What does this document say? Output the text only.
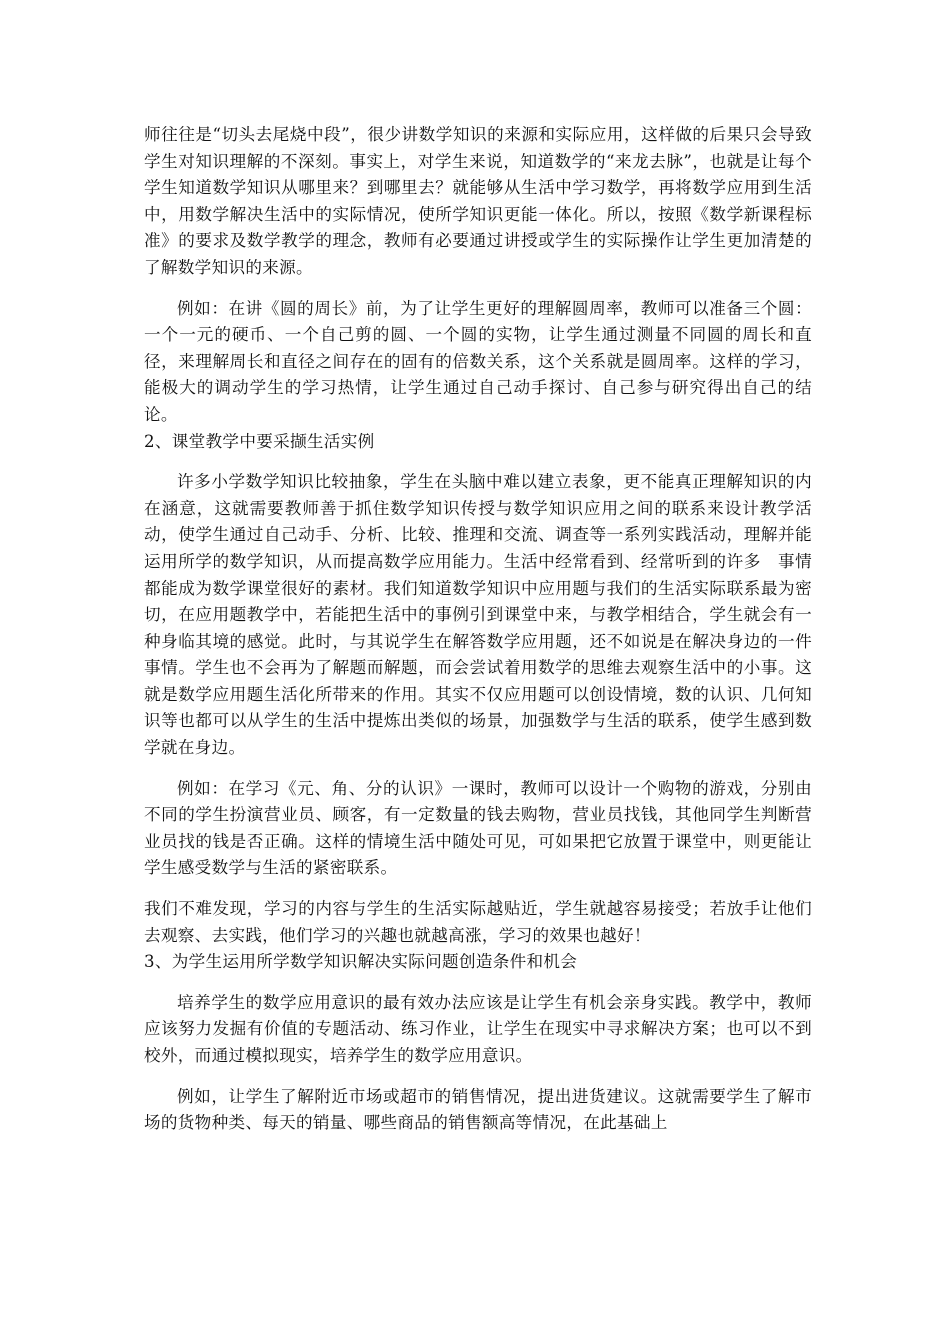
师往往是“切头去尾烧中段”，很少讲数学知识的来源和实际应用，这样做的后果只会导致学生对知识理解的不深刻。事实上，对学生来说，知道数学的“来龙去脉”，也就是让每个学生知道数学知识从哪里来？到哪里去？就能够从生活中学习数学，再将数学应用到生活中，用数学解决生活中的实际情况，使所学知识更能一体化。所以，按照《数学新课程标准》的要求及数学教学的理念，教师有必要通过讲授或学生的实际操作让学生更加清楚的了解数学知识的来源。

例如：在讲《圆的周长》前，为了让学生更好的理解圆周率，教师可以准备三个圆：一个一元的硬币、一个自己剪的圆、一个圆的实物，让学生通过测量不同圆的周长和直径，来理解周长和直径之间存在的固有的倍数关系，这个关系就是圆周率。这样的学习，能极大的调动学生的学习热情，让学生通过自己动手探讨、自己参与研究得出自己的结论。

2、课堂教学中要采撷生活实例

许多小学数学知识比较抽象，学生在头脑中难以建立表象，更不能真正理解知识的内在涵意，这就需要教师善于抓住数学知识传授与数学知识应用之间的联系来设计教学活动，使学生通过自己动手、分析、比较、推理和交流、调查等一系列实践活动，理解并能运用所学的数学知识，从而提高数学应用能力。生活中经常看到、经常听到的许多　事情都能成为数学课堂很好的素材。我们知道数学知识中应用题与我们的生活实际联系最为密切，在应用题教学中，若能把生活中的事例引到课堂中来，与教学相结合，学生就会有一种身临其境的感觉。此时，与其说学生在解答数学应用题，还不如说是在解决身边的一件事情。学生也不会再为了解题而解题，而会尝试着用数学的思维去观察生活中的小事。这就是数学应用题生活化所带来的作用。其实不仅应用题可以创设情境，数的认识、几何知识等也都可以从学生的生活中提炼出类似的场景，加强数学与生活的联系，使学生感到数学就在身边。

例如：在学习《元、角、分的认识》一课时，教师可以设计一个购物的游戏，分别由不同的学生扮演营业员、顾客，有一定数量的钱去购物，营业员找钱，其他同学生判断营业员找的钱是否正确。这样的情境生活中随处可见，可如果把它放置于课堂中，则更能让学生感受数学与生活的紧密联系。

我们不难发现，学习的内容与学生的生活实际越贴近，学生就越容易接受；若放手让他们去观察、去实践，他们学习的兴趣也就越高涨，学习的效果也越好！

3、为学生运用所学数学知识解决实际问题创造条件和机会

培养学生的数学应用意识的最有效办法应该是让学生有机会亲身实践。教学中，教师应该努力发掘有价值的专题活动、练习作业，让学生在现实中寻求解决方案；也可以不到校外，而通过模拟现实，培养学生的数学应用意识。

例如，让学生了解附近市场或超市的销售情况，提出进货建议。这就需要学生了解市场的货物种类、每天的销量、哪些商品的销售额高等情况，在此基础上
